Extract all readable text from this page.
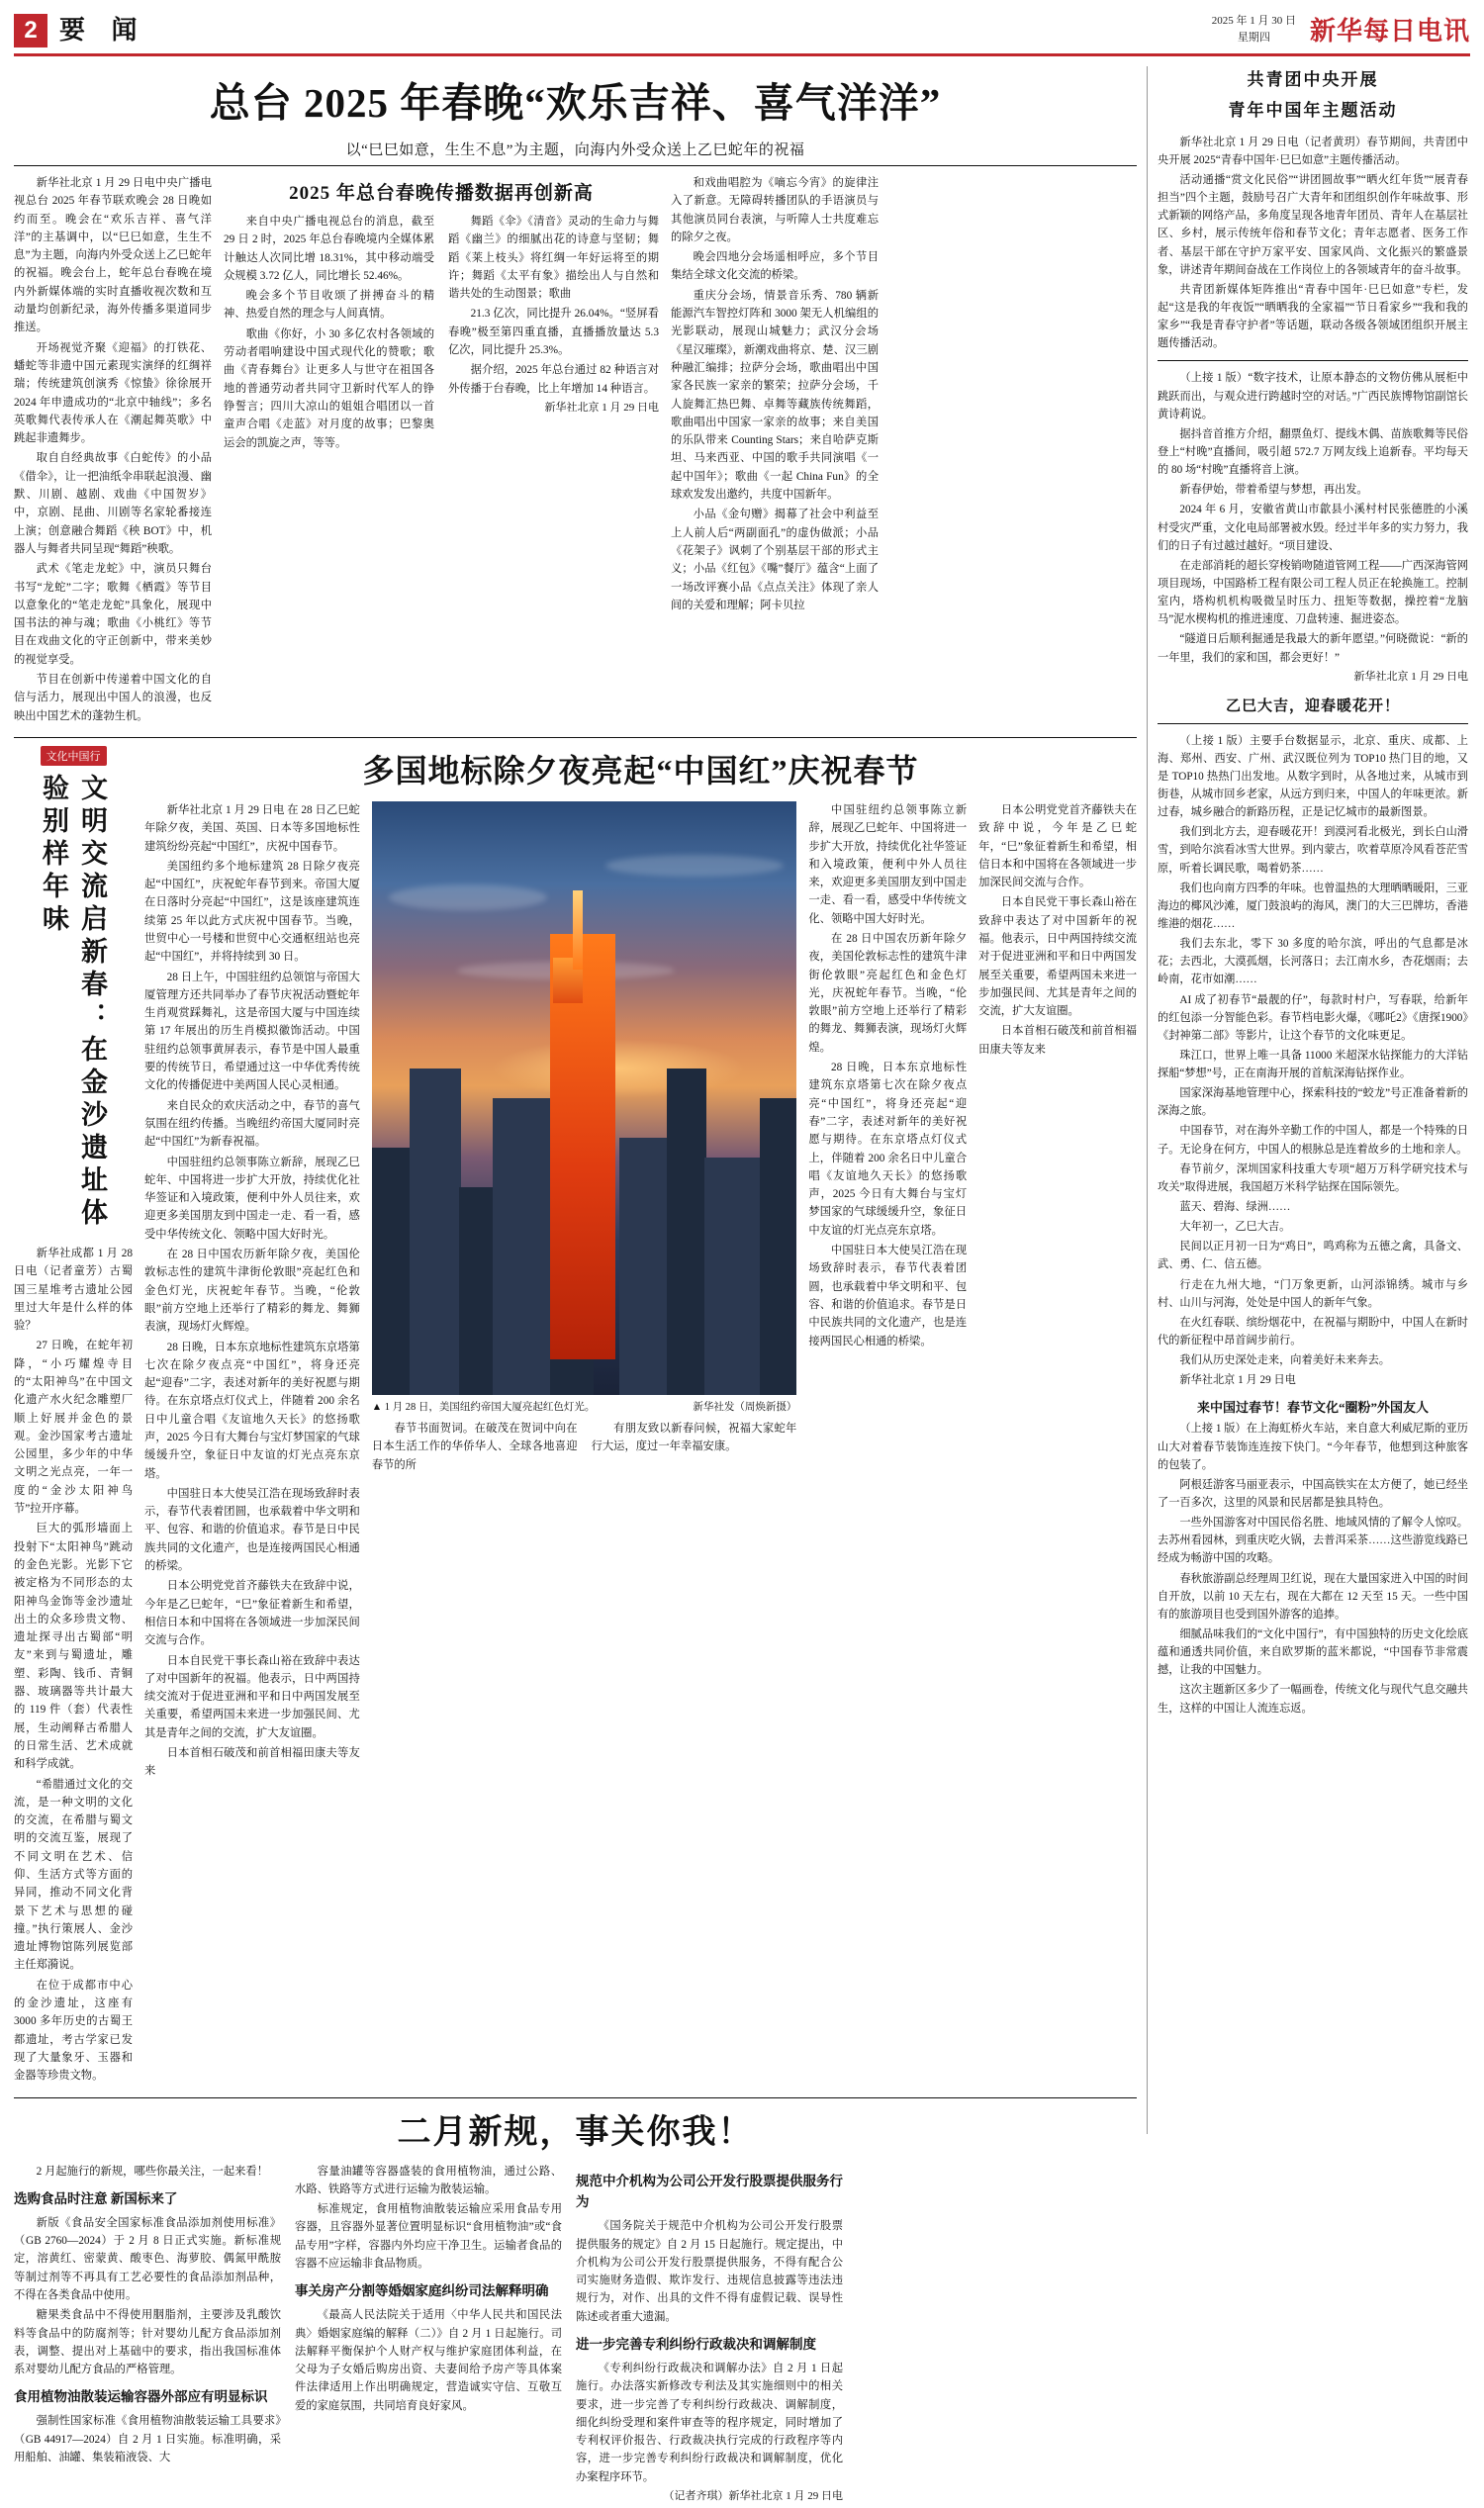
2 要 闻	2025 年 1 月 30 日
星期四	新华每日电讯
总台 2025 年春晚“欢乐吉祥、喜气洋洋”
以“巳巳如意，生生不息”为主题，向海内外受众送上乙巳蛇年的祝福

新华社北京 1 月 29 日电中央广播电视总台 2025 年春节联欢晚会 28 日晚如约而至。晚会在“欢乐吉祥、喜气洋洋”的主基调中，以“巳巳如意，生生不息”为主题，向海内外受众送上乙巳蛇年的祝福。晚会台上，蛇年总台春晚在境内外新媒体端的实时直播收视次数和互动量均创新纪录，海外传播多渠道同步推送。

开场视觉齐聚《迎福》的打铁花、蟠蛇等非遗中国元素现实演绎的红绸祥瑞；传统建筑创演秀《惊蛰》徐徐展开 2024 年申遗成功的“北京中轴线”；多名英歌舞代表传承人在《潮起舞英歌》中跳起非遗舞步。

取自自经典故事《白蛇传》的小品《借伞》，让一把油纸伞串联起浪漫、幽默、川剧、越剧、戏曲《中国贺岁》中，京剧、昆曲、川剧等名家轮番接连上演；创意融合舞蹈《秧 BOT》中，机器人与舞者共同呈现“舞蹈”秧歌。

武术《笔走龙蛇》中，演员只舞台书写“龙蛇”二字；歌舞《栖霞》等节目以意象化的“笔走龙蛇”具象化，展现中国书法的神与魂；歌曲《小桃红》等节目在戏曲文化的守正创新中，带来美妙的视觉享受。

节目在创新中传递着中国文化的自信与活力，展现出中国人的浪漫，也反映出中国艺术的蓬勃生机。

2025 年总台春晚传播数据再创新高

来自中央广播电视总台的消息，截至 29 日 2 时，2025 年总台春晚境内全媒体累计触达人次同比增 18.31%，其中移动端受众规模 3.72 亿人，同比增长 52.46%。

晚会多个节目收颂了拼搏奋斗的精神、热爱自然的理念与人间真情。

歌曲《你好，小 30 多亿农村各领域的劳动者唱响建设中国式现代化的赞歌；歌曲《青春舞台》让更多人与世守在祖国各地的普通劳动者共同守卫新时代军人的铮铮誓言；四川大凉山的姐姐合唱团以一首童声合唱《走蓝》对月度的故事；巴黎奥运会的凯旋之声，等等。

舞蹈《伞》《清音》灵动的生命力与舞蹈《幽兰》的细腻出花的诗意与坚韧；舞蹈《莱上枝头》将红绸一年好运将至的期许；舞蹈《太平有象》描绘出人与自然和谐共处的生动图景；歌曲

21.3 亿次，同比提升 26.04%。“竖屏看春晚”极至第四重直播，直播播放量达 5.3 亿次，同比提升 25.3%。

据介绍，2025 年总台通过 82 种语言对外传播于台春晚，比上年增加 14 种语言。

新华社北京 1 月 29 日电

和戏曲唱腔为《嘀忘今宵》的旋律注入了新意。无障碍转播团队的手语演员与其他演员同台表演，与听障人士共度难忘的除夕之夜。

晚会四地分会场遥相呼应，多个节目集结全球文化交流的桥梁。

重庆分会场，情景音乐秀、780 辆新能源汽车智控灯阵和 3000 架无人机编组的光影联动，展现山城魅力；武汉分会场《星汉璀璨》，新潮戏曲将京、楚、汉三剧种融汇编排；拉萨分会场，歌曲唱出中国家各民族一家亲的繁荣；拉萨分会场，千人旋舞汇热巴舞、卓舞等藏族传统舞蹈，歌曲唱出中国家一家亲的故事；来自美国的乐队带来 Counting Stars；来自哈萨克斯坦、马来西亚、中国的歌手共同演唱《一起中国年》；歌曲《一起 China Fun》的全球欢发发出邀约，共度中国新年。

小品《金句赠》揭幕了社会中利益至上人前人后“两副面孔”的虚伪做派；小品《花架子》讽刺了个别基层干部的形式主义；小品《红包》《嘴”餐厅》蕴含“上面了一场改评赛小品《点点关注》体现了亲人间的关爱和理解；阿卡贝拉

文化中国行
文明交流启新春：在金沙遗址体验别样年味

新华社成都 1 月 28 日电（记者童芳）古蜀国三星堆考古遗址公园里过大年是什么样的体验？

27 日晚，在蛇年初降，“小巧耀煌寺目的“太阳神鸟”在中国文化遗产水火纪念雕塑厂顺上好展并金色的景观。金沙国家考古遗址公园里，多少年的中华文明之光点亮，一年一度的“金沙太阳神鸟节”拉开序幕。

巨大的弧形墙面上投射下“太阳神鸟”跳动的金色光影。光影下它被定格为不同形态的太阳神鸟金饰等金沙遗址出土的众多珍贵文物、遗址探寻出古蜀部“明友”来到与蜀遗址，雕塑、彩陶、钱币、青铜器、玻璃器等共计最大的 119 件（套）代表性展，生动阐释古希腊人的日常生活、艺术成就和科学成就。

“希腊通过文化的交流，是一种文明的文化的交流，在希腊与蜀文明的交流互鉴，展现了不同文明在艺术、信仰、生活方式等方面的异同，推动不同文化背景下艺术与思想的碰撞。”执行策展人、金沙遗址博物馆陈列展览部主任郑漪说。

在位于成都市中心的金沙遗址，这座有 3000 多年历史的古蜀王都遗址，考古学家已发现了大量象牙、玉器和金器等珍贵文物。

多国地标除夕夜亮起“中国红”庆祝春节

新华社北京 1 月 29 日电 在 28 日乙巳蛇年除夕夜，美国、英国、日本等多国地标性建筑纷纷亮起“中国红”，庆祝中国春节。

美国纽约多个地标建筑 28 日除夕夜亮起“中国红”，庆祝蛇年春节到来。帝国大厦在日落时分亮起“中国红”，这是该座建筑连续第 25 年以此方式庆祝中国春节。当晚，世贸中心一号楼和世贸中心交通枢纽站也亮起“中国红”，并将持续到 30 日。

28 日上午，中国驻纽约总领馆与帝国大厦管理方还共同举办了春节庆祝活动暨蛇年生肖观赏踩舞礼，这是帝国大厦与中国连续第 17 年展出的历生肖模拟徽饰活动。中国驻纽约总领事黄屏表示，春节是中国人最重要的传统节日，希望通过这一中华优秀传统文化的传播促进中美两国人民心灵相通。

来自民众的欢庆活动之中，春节的喜气氛围在纽约传播。当晚纽约帝国大厦同时亮起“中国红”为新春祝福。

中国驻纽约总领事陈立新辞，展现乙巳蛇年、中国将进一步扩大开放，持续优化社华签证和入境政策，便利中外人员往来，欢迎更多美国朋友到中国走一走、看一看，感受中华传统文化、领略中国大好时光。

在 28 日中国农历新年除夕夜，美国伦敦标志性的建筑牛津街伦敦眼”亮起红色和金色灯光，庆祝蛇年春节。当晚，“伦敦眼”前方空地上还举行了精彩的舞龙、舞狮表演，现场灯火辉煌。

28 日晚，日本东京地标性建筑东京塔第七次在除夕夜点亮“中国红”，将身还亮起“迎春”二字，表述对新年的美好祝愿与期待。在东京塔点灯仪式上，伴随着 200 余名日中儿童合唱《友谊地久天长》的悠扬歌声，2025 今日有大舞台与宝灯梦国家的气球缓缓升空，象征日中友谊的灯光点亮东京塔。

中国驻日本大使吴江浩在现场致辞时表示，春节代表着团圆，也承载着中华文明和平、包容、和谐的价值追求。春节是日中民族共同的文化遗产，也是连接两国民心相通的桥梁。

日本公明党党首齐藤铁夫在致辞中说，今年是乙巳蛇年，“巳”象征着新生和希望，相信日本和中国将在各领域进一步加深民间交流与合作。

日本自民党干事长森山裕在致辞中表达了对中国新年的祝福。他表示，日中两国持续交流对于促进亚洲和平和日中两国发展至关重要，希望两国未来进一步加强民间、尤其是青年之间的交流，扩大友谊圈。

日本首相石破茂和前首相福田康夫等友来

▲ 1 月 28 日，美国纽约帝国大厦亮起红色灯光。	新华社发（周焕新摄）

春节书面贺词。在破茂在贺词中向在日本生活工作的华侨华人、全球各地喜迎春节的所

有朋友致以新春问候，祝福大家蛇年行大运，度过一年幸福安康。

中国驻纽约总领事陈立新辞，展现乙巳蛇年、中国将进一步扩大开放，持续优化社华签证和入境政策，便利中外人员往来，欢迎更多美国朋友到中国走一走、看一看，感受中华传统文化、领略中国大好时光。

在 28 日中国农历新年除夕夜，美国伦敦标志性的建筑牛津街伦敦眼”亮起红色和金色灯光，庆祝蛇年春节。当晚，“伦敦眼”前方空地上还举行了精彩的舞龙、舞狮表演，现场灯火辉煌。

28 日晚，日本东京地标性建筑东京塔第七次在除夕夜点亮“中国红”，将身还亮起“迎春”二字，表述对新年的美好祝愿与期待。在东京塔点灯仪式上，伴随着 200 余名日中儿童合唱《友谊地久天长》的悠扬歌声，2025 今日有大舞台与宝灯梦国家的气球缓缓升空，象征日中友谊的灯光点亮东京塔。

中国驻日本大使吴江浩在现场致辞时表示，春节代表着团圆，也承载着中华文明和平、包容、和谐的价值追求。春节是日中民族共同的文化遗产，也是连接两国民心相通的桥梁。

日本公明党党首齐藤铁夫在致辞中说，今年是乙巳蛇年，“巳”象征着新生和希望，相信日本和中国将在各领域进一步加深民间交流与合作。

日本自民党干事长森山裕在致辞中表达了对中国新年的祝福。他表示，日中两国持续交流对于促进亚洲和平和日中两国发展至关重要，希望两国未来进一步加强民间、尤其是青年之间的交流，扩大友谊圈。

日本首相石破茂和前首相福田康夫等友来

二月新规，事关你我！

2 月起施行的新规，哪些你最关注，一起来看！

选购食品时注意 新国标来了

新版《食品安全国家标准食品添加剂使用标准》（GB 2760—2024）于 2 月 8 日正式实施。新标准规定，溶黄红、密蒙黄、酸枣色、海萝胶、偶氮甲酰胺等制过剂等不再具有工艺必要性的食品添加剂品种，不得在各类食品中使用。

糖果类食品中不得使用胭脂剂，主要涉及乳酸饮料等食品中的防腐剂等；针对婴幼儿配方食品添加剂表，调整、提出对上基础中的要求，指出我国标准体系对婴幼儿配方食品的严格管理。

食用植物油散装运输容器外部应有明显标识

强制性国家标准《食用植物油散装运输工具要求》（GB 44917—2024）自 2 月 1 日实施。标准明确，采用船舶、油罐、集装箱液袋、大

容量油罐等容器盛装的食用植物油，通过公路、水路、铁路等方式进行运输为散装运输。

标准规定，食用植物油散装运输应采用食品专用容器，且容器外显著位置明显标识“食用植物油”或“食品专用”字样，容器内外均应干净卫生。运输者食品的容器不应运输非食品物质。

事关房产分割等婚姻家庭纠纷司法解释明确

《最高人民法院关于适用〈中华人民共和国民法典〉婚姻家庭编的解释（二）》自 2 月 1 日起施行。司法解释平衡保护个人财产权与维护家庭团体利益，在父母为子女婚后购房出资、夫妻间给予房产等具体案件法律适用上作出明确规定，营造诚实守信、互敬互爱的家庭氛围，共同培育良好家风。

规范中介机构为公司公开发行股票提供服务行为

《国务院关于规范中介机构为公司公开发行股票提供服务的规定》自 2 月 15 日起施行。规定提出，中介机构为公司公开发行股票提供服务，不得有配合公司实施财务造假、欺诈发行、违规信息披露等违法违规行为，对作、出具的文件不得有虚假记载、误导性陈述或者重大遗漏。

进一步完善专利纠纷行政裁决和调解制度

《专利纠纷行政裁决和调解办法》自 2 月 1 日起施行。办法落实新修改专利法及其实施细则中的相关要求，进一步完善了专利纠纷行政裁决、调解制度，细化纠纷受理和案件审查等的程序规定，同时增加了专利权评价报告、行政裁决执行完成的行政程序等内容，进一步完善专利纠纷行政裁决和调解制度，优化办案程序环节。

（记者齐琪）新华社北京 1 月 29 日电

共青团中央开展
青年中国年主题活动

新华社北京 1 月 29 日电（记者黄玥）春节期间，共青团中央开展 2025“青春中国年·巳巳如意”主题传播活动。

活动通播“赏文化民俗”“讲团圆故事”“晒火红年货”“展青春担当”四个主题，鼓励号召广大青年和团组织创作年味故事、形式新颖的网络产品，多角度呈现各地青年团员、青年人在基层社区、乡村，展示传统年俗和春节文化；青年志愿者、医务工作者、基层干部在守护万家平安、国家风尚、文化振兴的繁盛景象，讲述青年期间奋战在工作岗位上的各领域青年的奋斗故事。

共青团新媒体矩阵推出“青春中国年·巳巳如意”专栏，发起“这是我的年夜饭”“晒晒我的全家福”“节日看家乡”“我和我的家乡”“我是青春守护者”等话题，联动各级各领域团组织开展主题传播活动。

（上接 1 版）“数字技术，让原本静态的文物仿佛从展柜中跳跃而出，与观众进行跨越时空的对话。”广西民族博物馆副馆长黄诗莉说。

据抖音首推方介绍，翻票鱼灯、提线木偶、苗族歌舞等民俗登上“村晚”直播间，吸引超 572.7 万网友线上追新春。平均每天的 80 场“村晚”直播将音上演。

新春伊始，带着希望与梦想，再出发。

2024 年 6 月，安徽省黄山市歙县小溪村村民张德胜的小溪村受灾严重，文化电局部署被水毁。经过半年多的实力努力，我们的日子有过越过越好。“项目建设、

在走部消耗的超长穿梭销吻随道管网工程——广西深海管网项目现场，中国路桥工程有限公司工程人员正在轮换施工。控制室内，塔构机机构吸微呈时压力、扭矩等数据，操控着“龙脑马”泥水楔构机的推进速度、刀盘转速、掘进姿态。

“隧道日后顺利掘通是我最大的新年愿望。”何晓微说：“新的一年里，我们的家和国，都会更好！”

新华社北京 1 月 29 日电

乙巳大吉，迎春暖花开！

（上接 1 版）主要手台数据显示，北京、重庆、成都、上海、郑州、西安、广州、武汉既位列为 TOP10 热门目的地，又是 TOP10 热热门出发地。从数字到时，从各地过来，从城市到街巷，从城市回乡老家，从远方到归来，中国人的年味更浓。新过春，城乡融合的新路历程，正是记忆城市的最新图景。

我们到北方去，迎春暖花开！到漠河看北极光，到长白山滑雪，到哈尔滨看冰雪大世界。到内蒙古，吹着草原冷风看苍茫雪原，听着长调民歌，喝着奶茶……

我们也向南方四季的年味。也曾温热的大理晒晒暖阳，三亚海边的椰风沙滩，厦门鼓浪屿的海风，澳门的大三巴牌坊，香港维港的烟花……

我们去东北，零下 30 多度的哈尔滨，呼出的气息都是冰花；去西北，大漠孤烟，长河落日；去江南水乡，杏花烟雨；去岭南，花市如潮……

AI 成了初春节“最靓的仔”，每款时村户，写春联，给新年的红包添一分智能色彩。春节档电影火爆，《哪吒2》《唐探1900》《封神第二部》等影片，让这个春节的文化味更足。

珠江口，世界上唯一具备 11000 米超深水钻探能力的大洋钻探船“梦想”号，正在南海开展的首航深海钻探作业。

国家深海基地管理中心，探索科技的“蛟龙”号正准备着新的深海之旅。

中国春节，对在海外辛勤工作的中国人，都是一个特殊的日子。无论身在何方，中国人的根脉总是连着故乡的土地和亲人。

春节前夕，深圳国家科技重大专项“超万万科学研究技术与攻关”取得进展，我国超万米科学钻探在国际领先。

蓝天、碧海、绿洲……

大年初一，乙巳大吉。

民间以正月初一日为“鸡日”，鸣鸡称为五德之禽，具备文、武、勇、仁、信五德。

行走在九州大地，“门万象更新，山河添锦绣。城市与乡村、山川与河海，处处是中国人的新年气象。

在火红春联、缤纷烟花中，在祝福与期盼中，中国人在新时代的新征程中昂首阔步前行。

我们从历史深处走来，向着美好未来奔去。

新华社北京 1 月 29 日电

来中国过春节！春节文化“圈粉”外国友人

（上接 1 版）在上海虹桥火车站，来自意大利威尼斯的亚历山大对着春节装饰连连按下快门。“今年春节，他想到这种旅客的包装了。

阿根廷游客马丽亚表示，中国高铁实在太方便了，她已经坐了一百多次，这里的风景和民居都是独具特色。

一些外国游客对中国民俗名胜、地域风情的了解令人惊叹。去苏州看园林，到重庆吃火锅，去普洱采茶……这些游览线路已经成为畅游中国的攻略。

春秋旅游副总经理周卫红说，现在大量国家进入中国的时间自开放，以前 10 天左右，现在大都在 12 天至 15 天。一些中国有的旅游项目也受到国外游客的追捧。

细腻品味我们的“文化中国行”，有中国独特的历史文化绘底蕴和通透共同价值，来自欧罗斯的蓝米都说，“中国春节非常震撼，让我的中国魅力。

这次主题新区多少了一幅画卷，传统文化与现代气息交融共生，这样的中国让人流连忘返。
